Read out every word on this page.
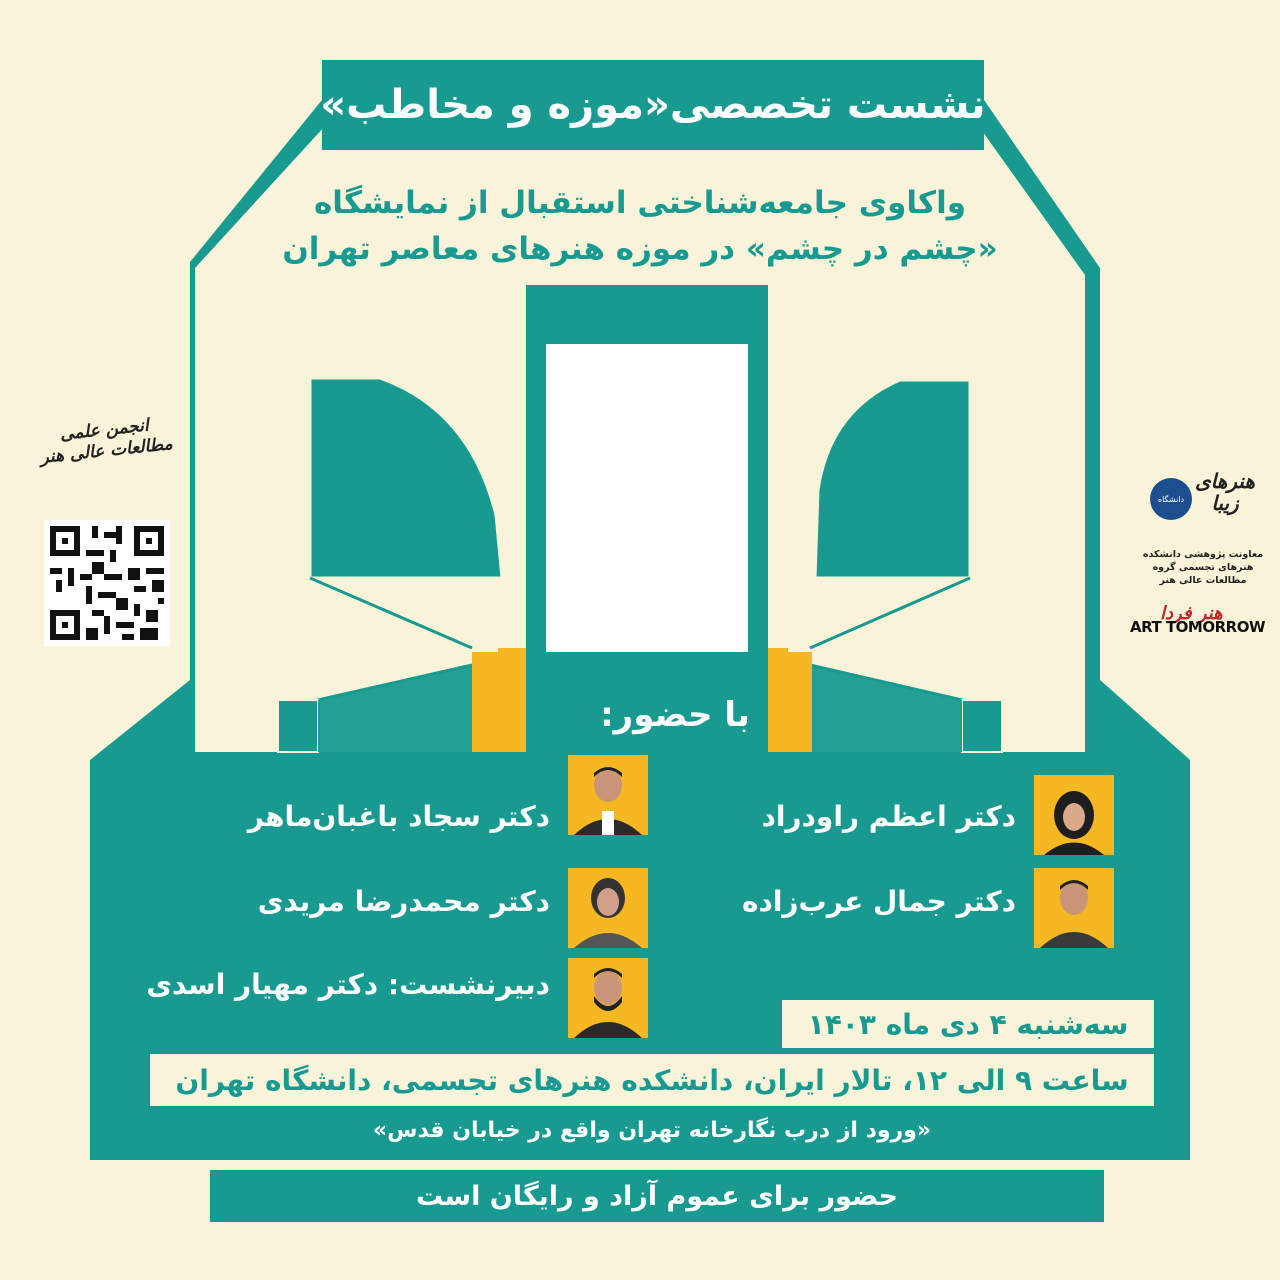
نشست تخصصی«موزه و مخاطب»
واکاوی جامعه‌شناختی استقبال از نمایشگاه
«چشم در چشم» در موزه هنرهای معاصر تهران
با حضور:
دکتر اعظم راودراد
دکتر جمال عرب‌زاده
دکتر سجاد باغبان‌ماهر
دکتر محمدرضا مریدی
دبیرنشست: دکتر مهیار اسدی
سه‌شنبه ۴ دی ماه ۱۴۰۳
ساعت ۹ الی ۱۲، تالار ایران، دانشکده هنرهای تجسمی، دانشگاه تهران
«ورود از درب نگارخانه تهران واقع در خیابان قدس»
حضور برای عموم آزاد و رایگان است
انجمن علمی مطالعات عالی هنر
دانشگاه
هنرهای زیبا
معاونت پژوهشی دانشکده هنرهای تجسمی گروه مطالعات عالی هنر
هنر فردا
ART TOMORROW
